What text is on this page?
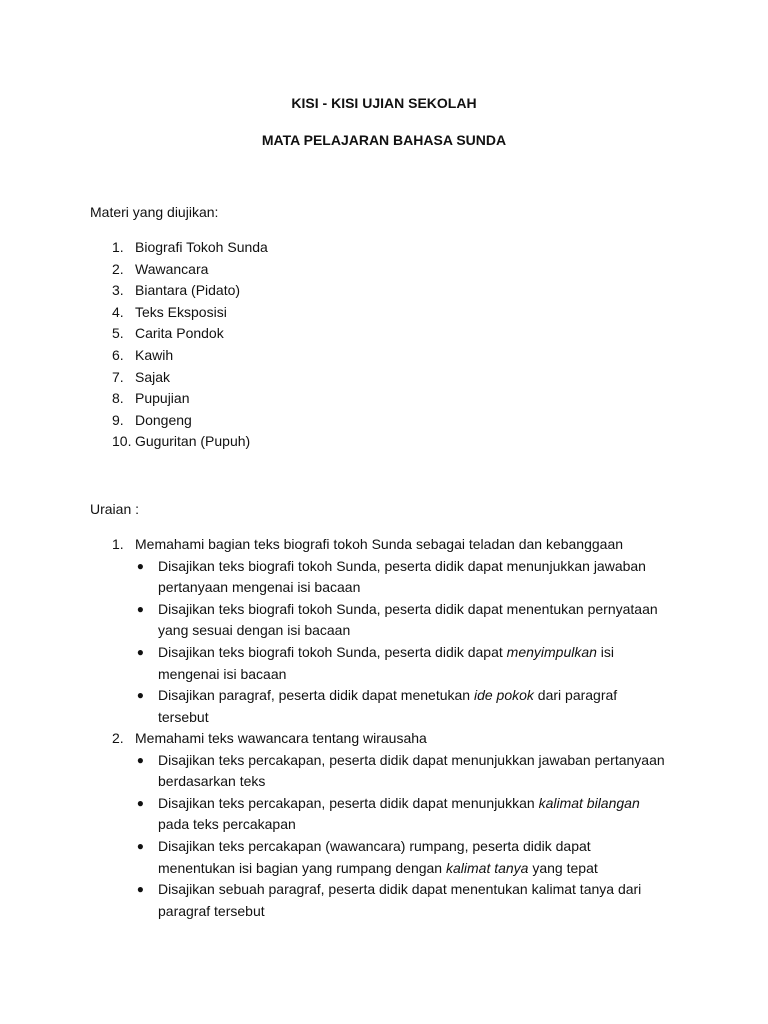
KISI - KISI UJIAN SEKOLAH
MATA PELAJARAN BAHASA SUNDA
Materi yang diujikan:
1. Biografi Tokoh Sunda
2. Wawancara
3. Biantara (Pidato)
4. Teks Eksposisi
5. Carita Pondok
6. Kawih
7. Sajak
8. Pupujian
9. Dongeng
10. Guguritan (Pupuh)
Uraian :
1. Memahami bagian teks biografi tokoh Sunda sebagai teladan dan kebanggaan
●	Disajikan teks biografi tokoh Sunda, peserta didik dapat menunjukkan jawaban pertanyaan mengenai isi bacaan
●	Disajikan teks biografi tokoh Sunda, peserta didik dapat menentukan pernyataan yang sesuai dengan isi bacaan
●	Disajikan teks biografi tokoh Sunda, peserta didik dapat menyimpulkan isi mengenai isi bacaan
●	Disajikan paragraf, peserta didik dapat menetukan ide pokok dari paragraf tersebut
2. Memahami teks wawancara tentang wirausaha
●	Disajikan teks percakapan, peserta didik dapat menunjukkan jawaban pertanyaan berdasarkan teks
●	Disajikan teks percakapan, peserta didik dapat menunjukkan kalimat bilangan pada teks percakapan
●	Disajikan teks percakapan (wawancara) rumpang, peserta didik dapat menentukan isi bagian yang rumpang dengan kalimat tanya yang tepat
●	Disajikan sebuah paragraf, peserta didik dapat menentukan kalimat tanya dari paragraf tersebut
